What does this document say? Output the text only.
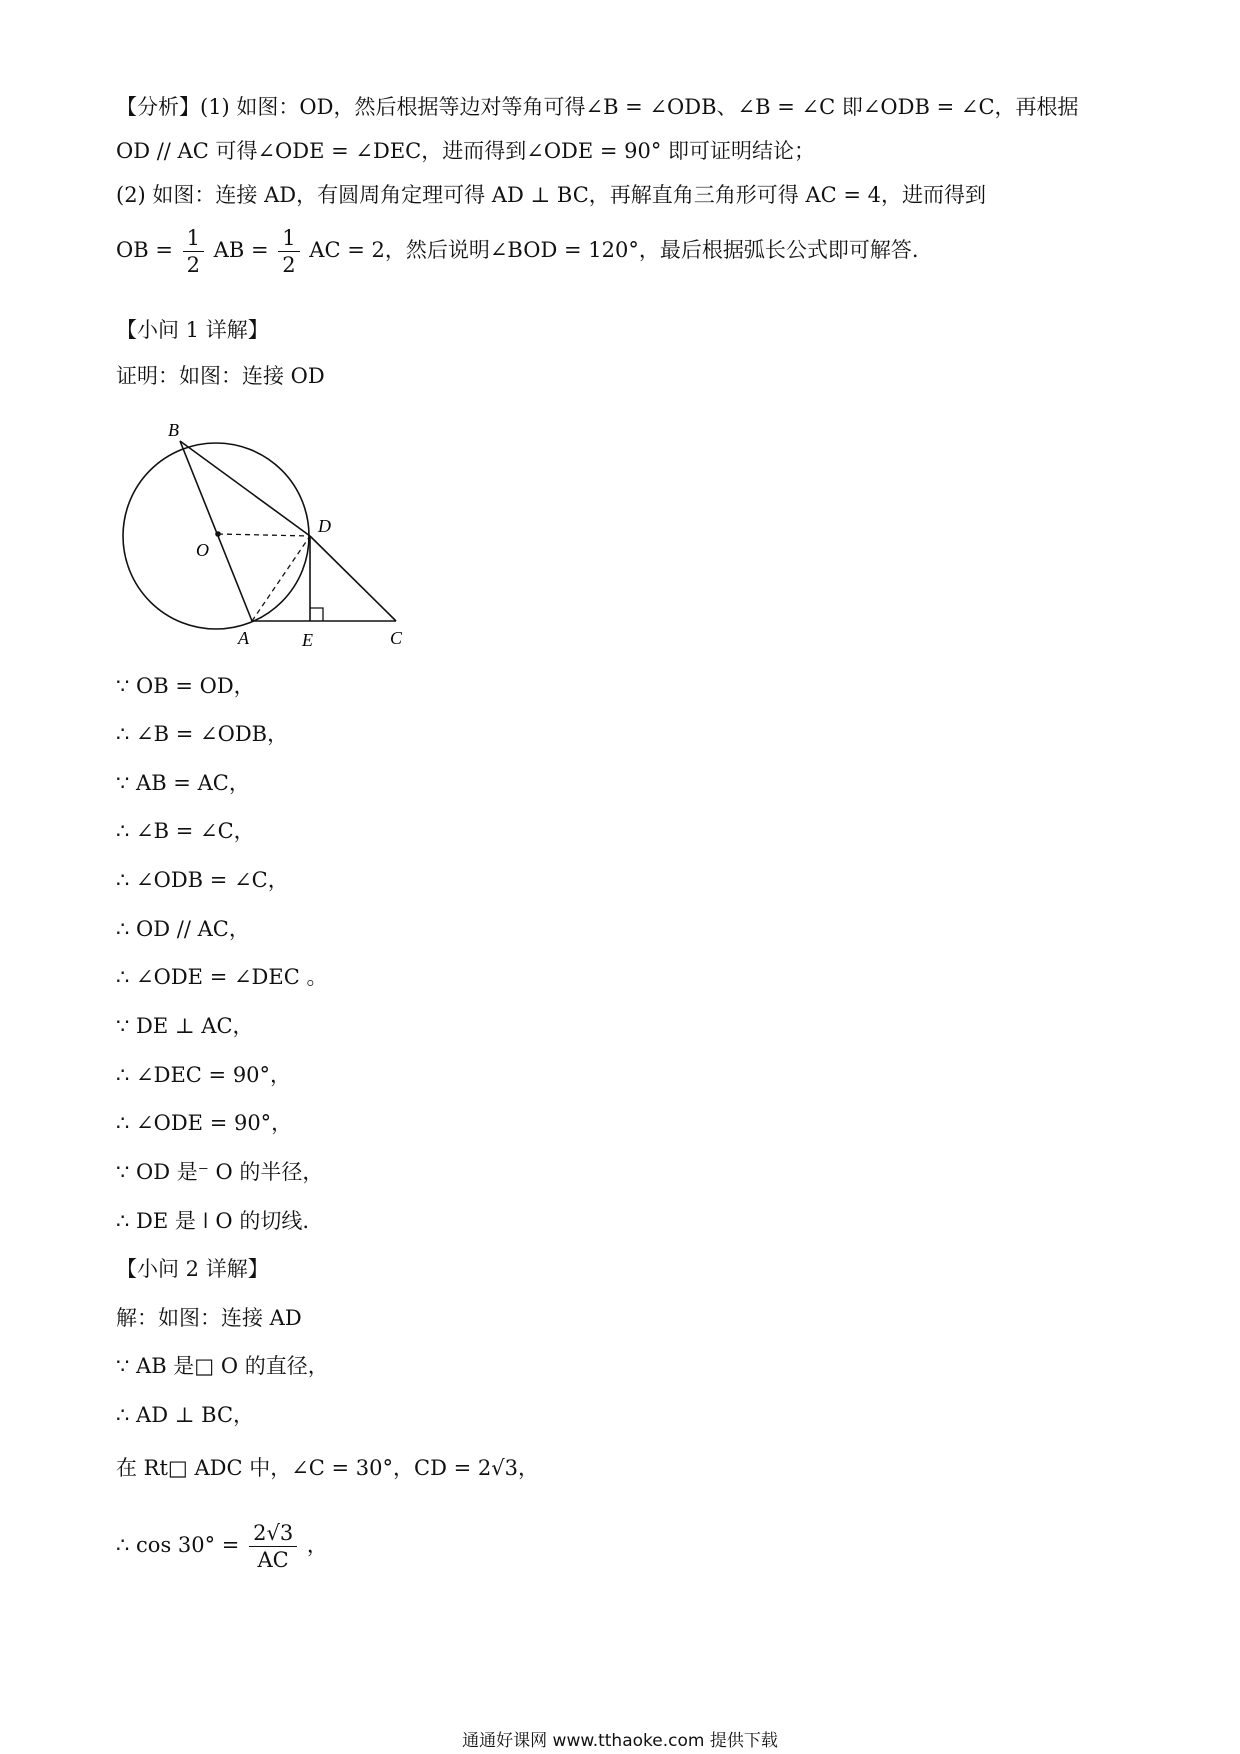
【分析】(1) 如图：OD，然后根据等边对等角可得∠B = ∠ODB、∠B = ∠C 即∠ODB = ∠C，再根据
OD // AC 可得∠ODE = ∠DEC，进而得到∠ODE = 90° 即可证明结论；
(2) 如图：连接 AD，有圆周角定理可得 AD ⊥ BC，再解直角三角形可得 AC = 4，进而得到
OB = $\frac{1}{2}$ AB = $\frac{1}{2}$ AC = 2，然后说明∠BOD = 120°，最后根据弧长公式即可解答.
【小问 1 详解】
证明：如图：连接 OD
B
D
O
A	E	C
∵ OB = OD，
∴ ∠B = ∠ODB，
∵ AB = AC，
∴ ∠B = ∠C，
∴ ∠ODB = ∠C，
∴ OD // AC，
∴ ∠ODE = ∠DEC 。
∵ DE ⊥ AC，
∴ ∠DEC = 90°，
∴ ∠ODE = 90°，
∵ OD 是⁻ O 的半径，
∴ DE 是 ǀ O 的切线.
【小问 2 详解】
解：如图：连接 AD
∵ AB 是□ O 的直径，
∴ AD ⊥ BC，
在 Rt□ ADC 中，∠C = 30°，CD = 2√3，
∴ $\cos 30^\circ = \frac{2√3}{AC}$ ，
通通好课网 www.tthaoke.com 提供下载
